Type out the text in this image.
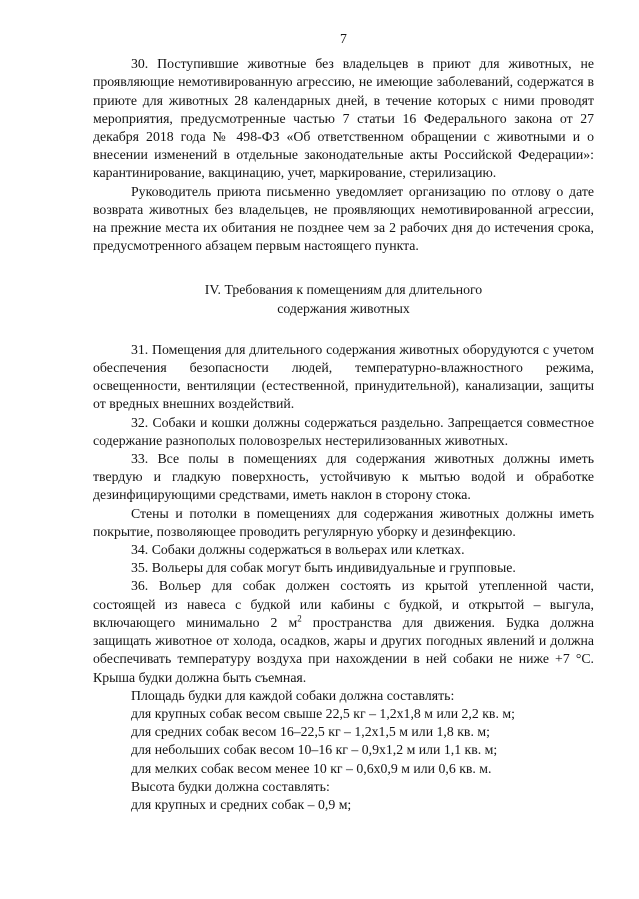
7

30. Поступившие животные без владельцев в приют для животных, не проявляющие немотивированную агрессию, не имеющие заболеваний, содержатся в приюте для животных 28 календарных дней, в течение которых с ними проводят мероприятия, предусмотренные частью 7 статьи 16 Федерального закона от 27 декабря 2018 года № 498-ФЗ «Об ответственном обращении с животными и о внесении изменений в отдельные законодательные акты Российской Федерации»: карантинирование, вакцинацию, учет, маркирование, стерилизацию.

Руководитель приюта письменно уведомляет организацию по отлову о дате возврата животных без владельцев, не проявляющих немотивированной агрессии, на прежние места их обитания не позднее чем за 2 рабочих дня до истечения срока, предусмотренного абзацем первым настоящего пункта.

IV. Требования к помещениям для длительного
содержания животных

31. Помещения для длительного содержания животных оборудуются с учетом обеспечения безопасности людей, температурно-влажностного режима, освещенности, вентиляции (естественной, принудительной), канализации, защиты от вредных внешних воздействий.

32. Собаки и кошки должны содержаться раздельно. Запрещается совместное содержание разнополых половозрелых нестерилизованных животных.

33. Все полы в помещениях для содержания животных должны иметь твердую и гладкую поверхность, устойчивую к мытью водой и обработке дезинфицирующими средствами, иметь наклон в сторону стока.

Стены и потолки в помещениях для содержания животных должны иметь покрытие, позволяющее проводить регулярную уборку и дезинфекцию.

34. Собаки должны содержаться в вольерах или клетках.

35. Вольеры для собак могут быть индивидуальные и групповые.

36. Вольер для собак должен состоять из крытой утепленной части, состоящей из навеса с будкой или кабины с будкой, и открытой – выгула, включающего минимально 2 $м^2$ пространства для движения. Будка должна защищать животное от холода, осадков, жары и других погодных явлений и должна обеспечивать температуру воздуха при нахождении в ней собаки не ниже +7 °С. Крыша будки должна быть съемная.

Площадь будки для каждой собаки должна составлять:

для крупных собак весом свыше 22,5 кг – 1,2х1,8 м или 2,2 кв. м;

для средних собак весом 16–22,5 кг – 1,2х1,5 м или 1,8 кв. м;

для небольших собак весом 10–16 кг – 0,9х1,2 м или 1,1 кв. м;

для мелких собак весом менее 10 кг – 0,6х0,9 м или 0,6 кв. м.

Высота будки должна составлять:

для крупных и средних собак – 0,9 м;
